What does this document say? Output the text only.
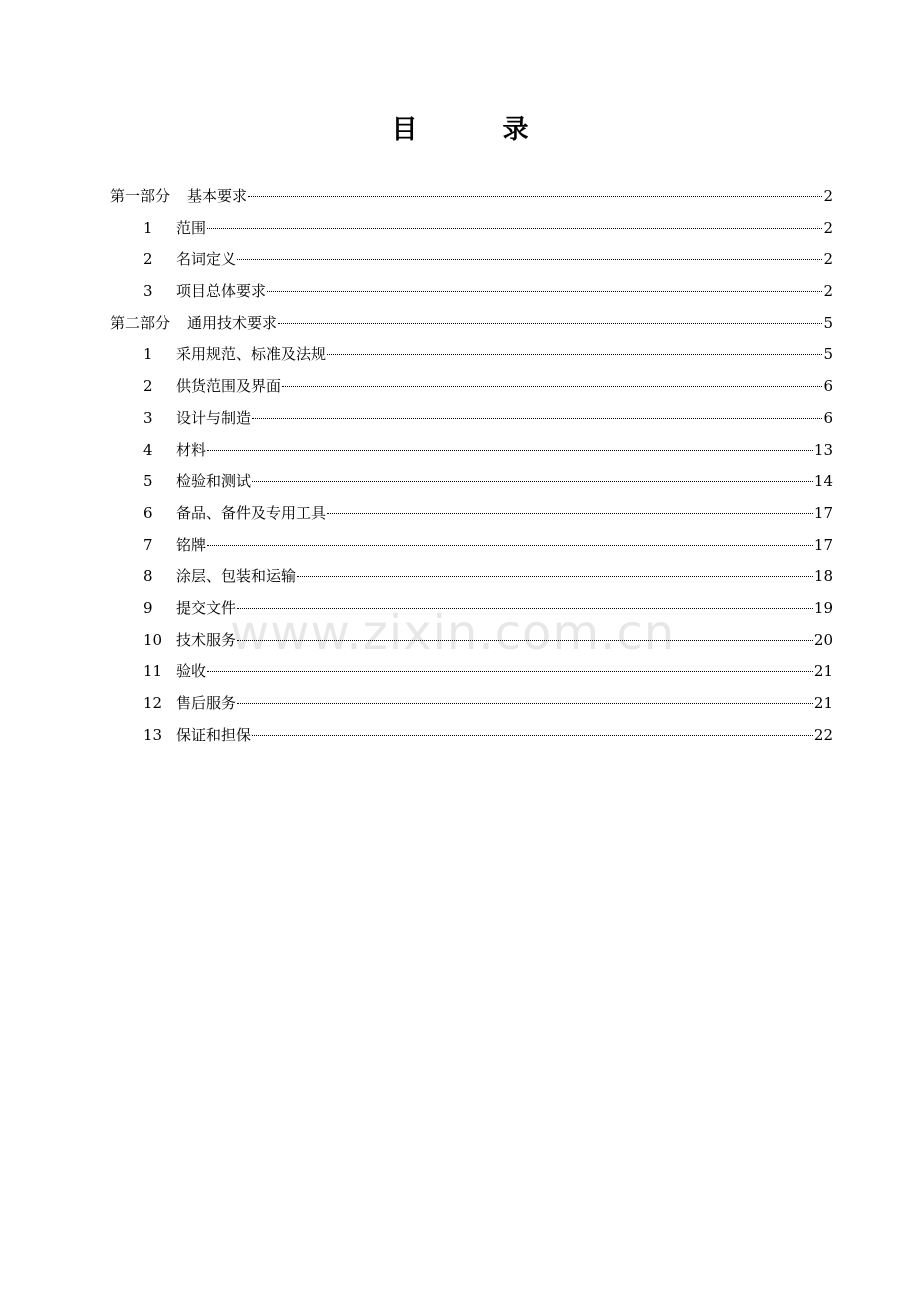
目 录
第一部分 基本要求	2
1	范围	2
2	名词定义	2
3	项目总体要求	2
第二部分 通用技术要求	5
1	采用规范、标准及法规	5
2	供货范围及界面	6
3	设计与制造	6
4	材料	13
5	检验和测试	14
6	备品、备件及专用工具	17
7	铭牌	17
8	涂层、包装和运输	18
9	提交文件	19
10 技术服务	20
11 验收	21
12 售后服务	21
13 保证和担保	22
www.zixin.com.cn
